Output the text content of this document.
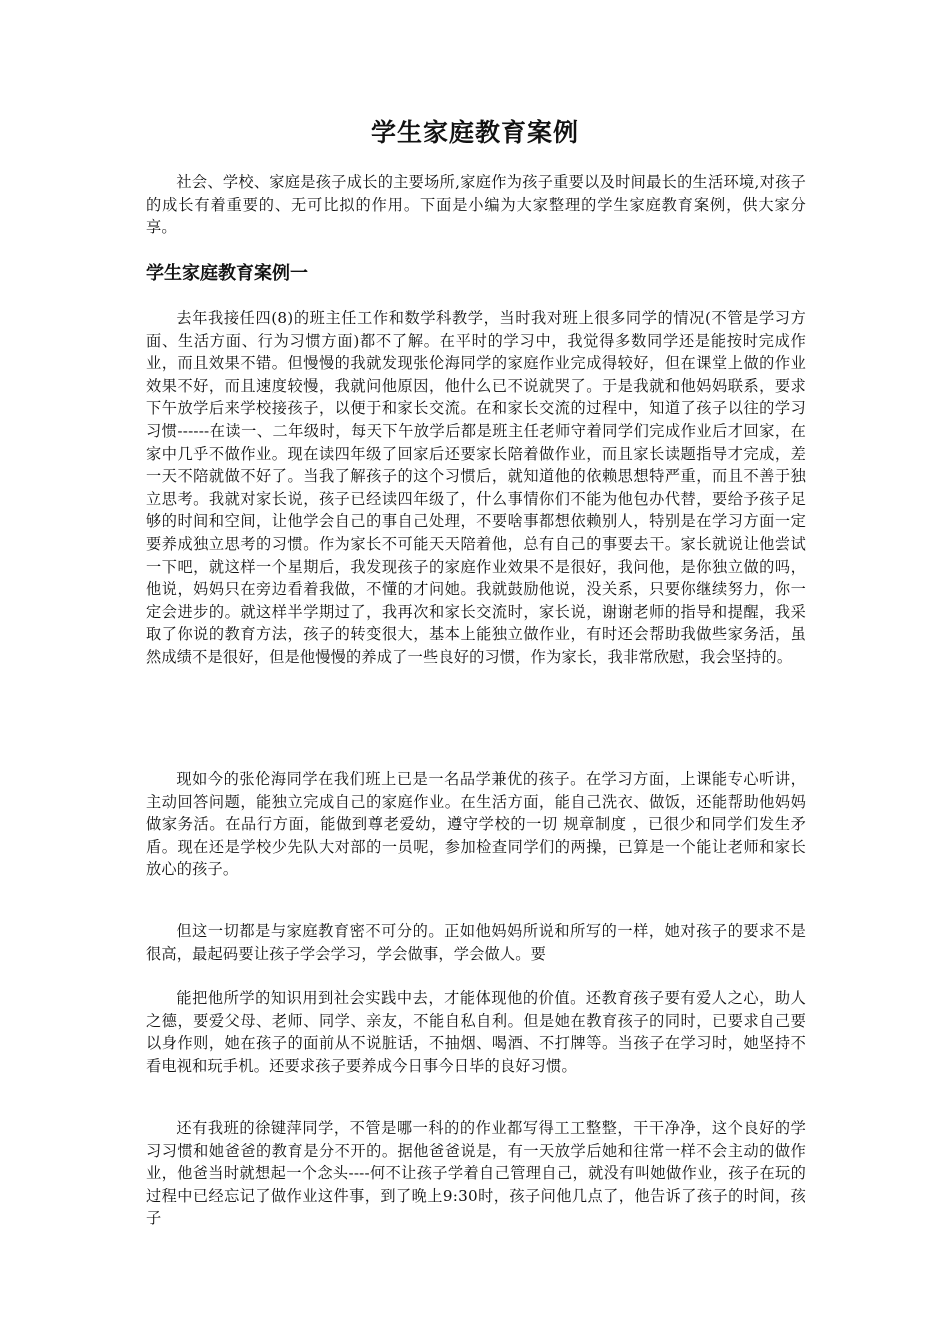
学生家庭教育案例

社会、学校、家庭是孩子成长的主要场所,家庭作为孩子重要以及时间最长的生活环境,对孩子的成长有着重要的、无可比拟的作用。下面是小编为大家整理的学生家庭教育案例，供大家分享。

学生家庭教育案例一

去年我接任四(8)的班主任工作和数学科教学，当时我对班上很多同学的情况(不管是学习方面、生活方面、行为习惯方面)都不了解。在平时的学习中，我觉得多数同学还是能按时完成作业，而且效果不错。但慢慢的我就发现张伦海同学的家庭作业完成得较好，但在课堂上做的作业效果不好，而且速度较慢，我就问他原因，他什么已不说就哭了。于是我就和他妈妈联系，要求下午放学后来学校接孩子，以便于和家长交流。在和家长交流的过程中，知道了孩子以往的学习习惯------在读一、二年级时，每天下午放学后都是班主任老师守着同学们完成作业后才回家，在家中几乎不做作业。现在读四年级了回家后还要家长陪着做作业，而且家长读题指导才完成，差一天不陪就做不好了。当我了解孩子的这个习惯后，就知道他的依赖思想特严重，而且不善于独立思考。我就对家长说，孩子已经读四年级了，什么事情你们不能为他包办代替，要给予孩子足够的时间和空间，让他学会自己的事自己处理，不要啥事都想依赖别人，特别是在学习方面一定要养成独立思考的习惯。作为家长不可能天天陪着他，总有自己的事要去干。家长就说让他尝试一下吧，就这样一个星期后，我发现孩子的家庭作业效果不是很好，我问他，是你独立做的吗，他说，妈妈只在旁边看着我做，不懂的才问她。我就鼓励他说，没关系，只要你继续努力，你一定会进步的。就这样半学期过了，我再次和家长交流时，家长说，谢谢老师的指导和提醒，我采取了你说的教育方法，孩子的转变很大，基本上能独立做作业，有时还会帮助我做些家务活，虽然成绩不是很好，但是他慢慢的养成了一些良好的习惯，作为家长，我非常欣慰，我会坚持的。

现如今的张伦海同学在我们班上已是一名品学兼优的孩子。在学习方面，上课能专心听讲，主动回答问题，能独立完成自己的家庭作业。在生活方面，能自己洗衣、做饭，还能帮助他妈妈做家务活。在品行方面，能做到尊老爱幼，遵守学校的一切 规章制度 ，已很少和同学们发生矛盾。现在还是学校少先队大对部的一员呢，参加检查同学们的两操，已算是一个能让老师和家长放心的孩子。

但这一切都是与家庭教育密不可分的。正如他妈妈所说和所写的一样，她对孩子的要求不是很高，最起码要让孩子学会学习，学会做事，学会做人。要

能把他所学的知识用到社会实践中去，才能体现他的价值。还教育孩子要有爱人之心，助人之德，要爱父母、老师、同学、亲友，不能自私自利。但是她在教育孩子的同时，已要求自己要以身作则，她在孩子的面前从不说脏话，不抽烟、喝酒、不打牌等。当孩子在学习时，她坚持不看电视和玩手机。还要求孩子要养成今日事今日毕的良好习惯。

还有我班的徐键萍同学，不管是哪一科的的作业都写得工工整整，干干净净，这个良好的学习习惯和她爸爸的教育是分不开的。据他爸爸说是，有一天放学后她和往常一样不会主动的做作业，他爸当时就想起一个念头----何不让孩子学着自己管理自己，就没有叫她做作业，孩子在玩的过程中已经忘记了做作业这件事，到了晚上9:30时，孩子问他几点了，他告诉了孩子的时间，孩子
